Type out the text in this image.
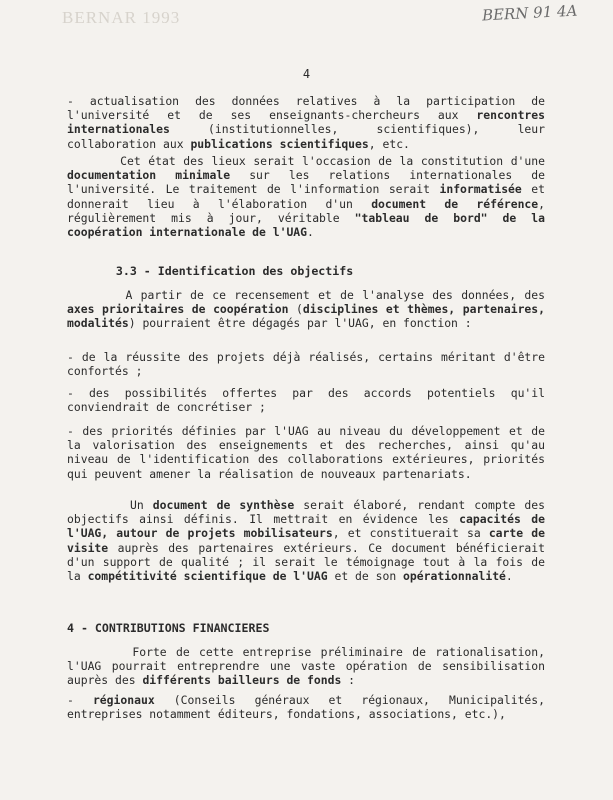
BERNAR 1993	BERN 91 4A
4
- actualisation des données relatives à la participation de l'université et de ses enseignants-chercheurs aux rencontres internationales (institutionnelles, scientifiques), leur collaboration aux publications scientifiques, etc.
Cet état des lieux serait l'occasion de la constitution d'une documentation minimale sur les relations internationales de l'université. Le traitement de l'information serait informatisée et donnerait lieu à l'élaboration d'un document de référence, régulièrement mis à jour, véritable "tableau de bord" de la coopération internationale de l'UAG.
3.3 - Identification des objectifs
A partir de ce recensement et de l'analyse des données, des axes prioritaires de coopération (disciplines et thèmes, partenaires, modalités) pourraient être dégagés par l'UAG, en fonction :
- de la réussite des projets déjà réalisés, certains méritant d'être confortés ;
- des possibilités offertes par des accords potentiels qu'il conviendrait de concrétiser ;
- des priorités définies par l'UAG au niveau du développement et de la valorisation des enseignements et des recherches, ainsi qu'au niveau de l'identification des collaborations extérieures, priorités qui peuvent amener la réalisation de nouveaux partenariats.
Un document de synthèse serait élaboré, rendant compte des objectifs ainsi définis. Il mettrait en évidence les capacités de l'UAG, autour de projets mobilisateurs, et constituerait sa carte de visite auprès des partenaires extérieurs. Ce document bénéficierait d'un support de qualité ; il serait le témoignage tout à la fois de la compétitivité scientifique de l'UAG et de son opérationnalité.
4 - CONTRIBUTIONS FINANCIERES
Forte de cette entreprise préliminaire de rationalisation, l'UAG pourrait entreprendre une vaste opération de sensibilisation auprès des différents bailleurs de fonds :
- régionaux (Conseils généraux et régionaux, Municipalités, entreprises notamment éditeurs, fondations, associations, etc.),
